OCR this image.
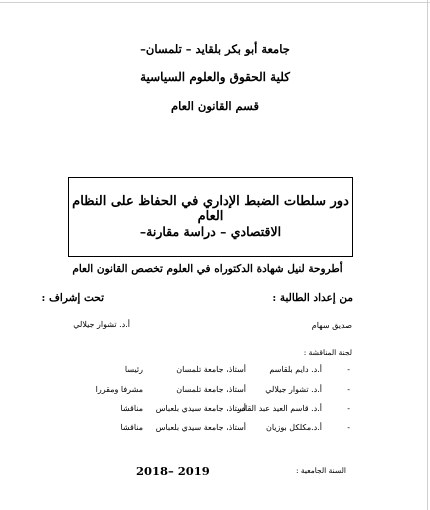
جامعة أبو بكر بلقايد – تلمسان–
كلية الحقوق والعلوم السياسية
قسم القانون العام
دور سلطات الضبط الإداري في الحفاظ على النظام العام
الاقتصادي – دراسة مقارنة–
أطروحة لنيل شهادة الدكتوراه في العلوم تخصص القانون العام
من إعداد الطالبة :
تحت إشراف :
صديق سهام
أ.د. تشوار جيلالي
لجنة المناقشة :
-
أ.د. دايم بلقاسم
أستاذ، جامعة تلمسان
رئيسا
-
أ.د. تشوار جيلالي
أستاذ، جامعة تلمسان
مشرفا ومقررا
-
أ.د. قاسم العيد عبد القادر
أستاذ، جامعة سيدي بلعباس
مناقشا
-
أ.د.مكلكل بوزيان
أستاذ، جامعة سيدي بلعباس
مناقشا
السنة الجامعية :
2018– 2019
